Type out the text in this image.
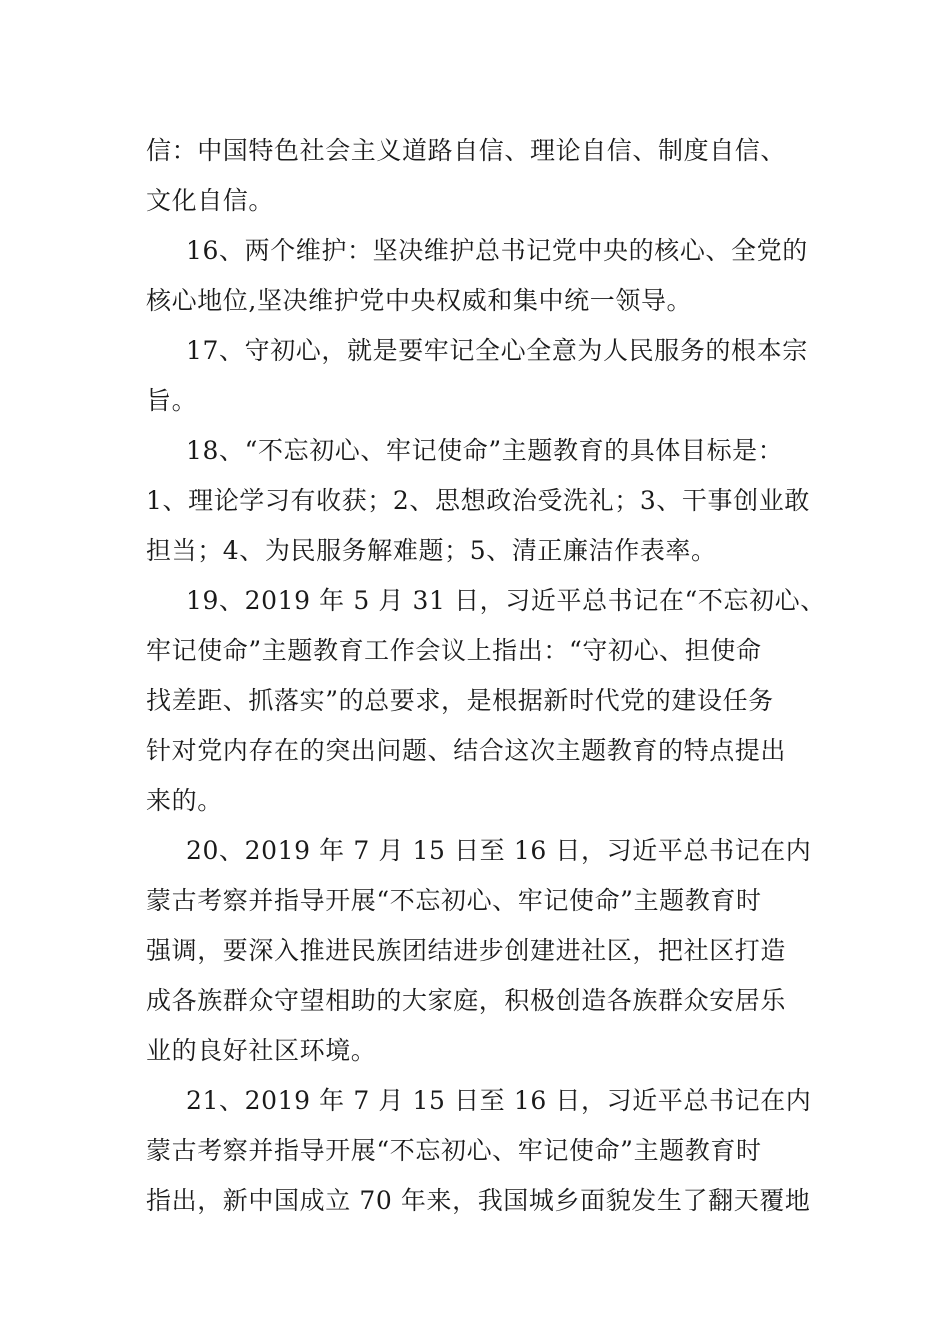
信：中国特色社会主义道路自信、理论自信、制度自信、
文化自信。
16、两个维护：坚决维护总书记党中央的核心、全党的
核心地位,坚决维护党中央权威和集中统一领导。
17、守初心，就是要牢记全心全意为人民服务的根本宗
旨。
18、“不忘初心、牢记使命”主题教育的具体目标是：
1、理论学习有收获；2、思想政治受洗礼；3、干事创业敢
担当；4、为民服务解难题；5、清正廉洁作表率。
19、2019 年 5 月 31 日，习近平总书记在“不忘初心、
牢记使命”主题教育工作会议上指出：“守初心、担使命
找差距、抓落实”的总要求，是根据新时代党的建设任务
针对党内存在的突出问题、结合这次主题教育的特点提出
来的。
20、2019 年 7 月 15 日至 16 日，习近平总书记在内
蒙古考察并指导开展“不忘初心、牢记使命”主题教育时
强调，要深入推进民族团结进步创建进社区，把社区打造
成各族群众守望相助的大家庭，积极创造各族群众安居乐
业的良好社区环境。
21、2019 年 7 月 15 日至 16 日，习近平总书记在内
蒙古考察并指导开展“不忘初心、牢记使命”主题教育时
指出，新中国成立 70 年来，我国城乡面貌发生了翻天覆地
